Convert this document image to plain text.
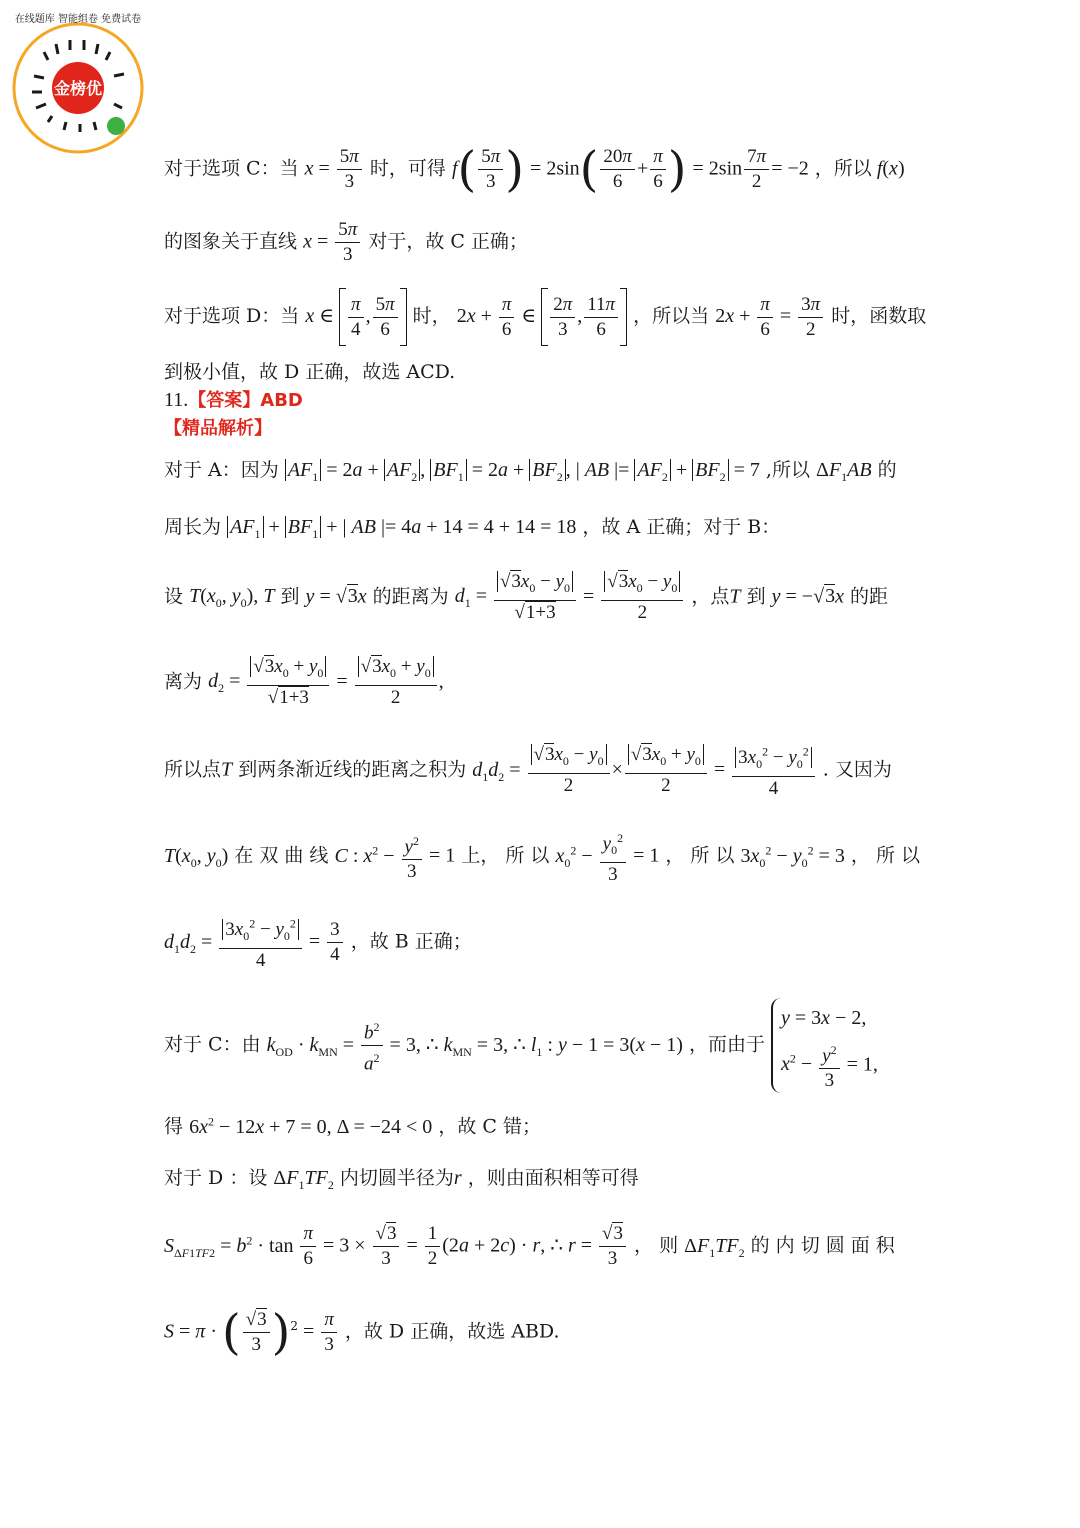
金榜优
在线题库 智能组卷 免费试卷
对于选项 C：当 $x = \frac{5\pi}{3}$ 时，可得 $f( \frac{5\pi}{3}$ ) = $2\sin( \frac{20\pi}{6} + \frac{\pi}{6}$ ) = $2\sin \frac{7\pi}{2} = -2$ ，所以 f(x)
的图象关于直线 $x = \frac{5\pi}{3}$ 对于，故 C 正确；
对于选项 D：当 x ∈ $\frac{\pi}{4}$ , $\frac{5\pi}{6}$ 时， $2x + \frac{\pi}{6}$ ∈ $\frac{2\pi}{3}$ , $\frac{11\pi}{6}$ ，所以当 $2x + \frac{\pi}{6} = \frac{3\pi}{2}$ 时，函数取
到极小值，故 D 正确，故选 ACD.
11.【答案】ABD
【精品解析】
对于 A：因为 $AF_1 = 2a + AF_2$ , $BF_1 = 2a + BF_2$ , | AB |= $AF_2 + BF_2 = 7$ ,所以 $\Delta F_1AB$ 的
周长为 $AF_1 + BF_1$ + | AB |= 4a + 14 = 4 + 14 = 18 ，故 A 正确；对于 B：
设 $T(x_0$, $y_0$), T 到 y = √3x 的距离为 $d_1 = \frac{√3x_0 - y_0}{√1+3} = \frac{√3x_0 - y_0}{2}$ ，点T 到 y = −√3x 的距
离为 $d_2 = \frac{√3x_0 + y_0}{√1+3} = \frac{√3x_0 + y_0}{2}$ ,
所以点T 到两条渐近线的距离之积为 $d_1d_2 = \frac{√3x_0 - y_0}{2} \times \frac{√3x_0 + y_0}{2} = \frac{3x_0^2 - y_0^2}{4}$ . 又因为
$T(x_0$, $y_0$) 在 双 曲 线 C : $x^2 - \frac{y^2}{3} = 1$ 上， 所 以 $x_0^2 - \frac{y_0^2}{3} = 1$ ， 所 以 $3x_0^2 - y_0^2 = 3$ ， 所 以
$d_1d_2 = \frac{3x_0^2 - y_0^2}{4} = \frac{3}{4}$ ，故 B 正确；
对于 C：由 $k_{OD} \cdot k_{MN} = \frac{b^2}{a^2} = 3$, ∴ $k_{MN} = 3$, ∴ $l_1$ : y − 1 = 3(x − 1) ，而由于 y = 3x − 2,
$x^2 - \frac{y^2}{3} = 1$,
得 $6x^2 - 12x + 7 = 0$, Δ = −24 < 0 ，故 C 错；
对于 D ：设 $\Delta F_1TF_2$ 内切圆半径为r ，则由面积相等可得
$S_{\Delta F1TF2} = b^2 \cdot \tan \frac{\pi}{6} = 3 \times \frac{√3}{3} = \frac{1}{2} (2a + 2c) \cdot r$, ∴ $r = \frac{√3}{3}$ ， 则 $\Delta F_1TF_2$ 的 内 切 圆 面 积
S = π · ( $\frac{√3}{3} )^2 = \frac{\pi}{3}$ ，故 D 正确，故选 ABD.
